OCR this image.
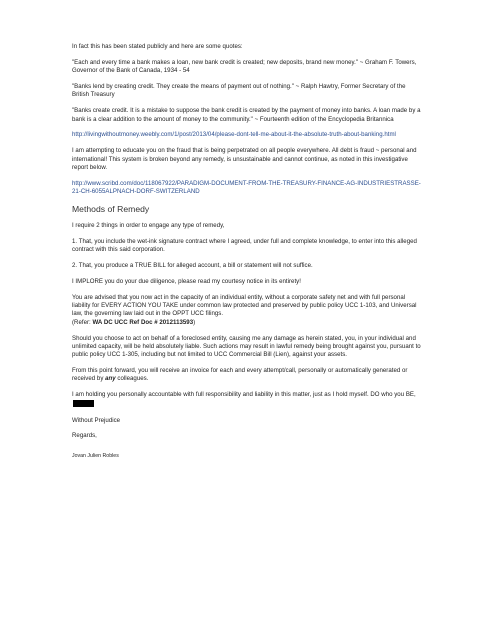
In fact this has been stated publicly and here are some quotes:

"Each and every time a bank makes a loan, new bank credit is created; new deposits, brand new money." ~ Graham F. Towers, Governor of the Bank of Canada, 1934 - 54

"Banks lend by creating credit. They create the means of payment out of nothing." ~ Ralph Hawtry, Former Secretary of the British Treasury

"Banks create credit. It is a mistake to suppose the bank credit is created by the payment of money into banks. A loan made by a bank is a clear addition to the amount of money to the community." ~ Fourteenth edition of the Encyclopedia Britannica

http://livingwithoutmoney.weebly.com/1/post/2013/04/please-dont-tell-me-about-it-the-absolute-truth-about-banking.html

I am attempting to educate you on the fraud that is being perpetrated on all people everywhere. All debt is fraud ~ personal and international! This system is broken beyond any remedy, is unsustainable and cannot continue, as noted in this investigative report below.

http://www.scribd.com/doc/118067922/PARADIGM-DOCUMENT-FROM-THE-TREASURY-FINANCE-AG-INDUSTRIESTRASSE-21-CH-6055ALPNACH-DORF-SWITZERLAND

Methods of Remedy

I require 2 things in order to engage any type of remedy,

1. That, you include the wet-ink signature contract where I agreed, under full and complete knowledge, to enter into this alleged contract with this said corporation.

2. That, you produce a TRUE BILL for alleged account, a bill or statement will not suffice.

I IMPLORE you do your due diligence, please read my courtesy notice in its entirety!

You are advised that you now act in the capacity of an individual entity, without a corporate safety net and with full personal liability for EVERY ACTION YOU TAKE under common law protected and preserved by public policy UCC 1-103, and Universal law, the governing law laid out in the OPPT UCC filings.
(Refer: WA DC UCC Ref Doc # 2012113593)

Should you choose to act on behalf of a foreclosed entity, causing me any damage as herein stated, you, in your individual and unlimited capacity, will be held absolutely liable. Such actions may result in lawful remedy being brought against you, pursuant to public policy UCC 1-305, including but not limited to UCC Commercial Bill (Lien), against your assets.

From this point forward, you will receive an invoice for each and every attempt/call, personally or automatically generated or received by any colleagues.

I am holding you personally accountable with full responsibility and liability in this matter, just as I hold myself. DO who you BE,

Without Prejudice

Regards,

Jovan Julien Robles
